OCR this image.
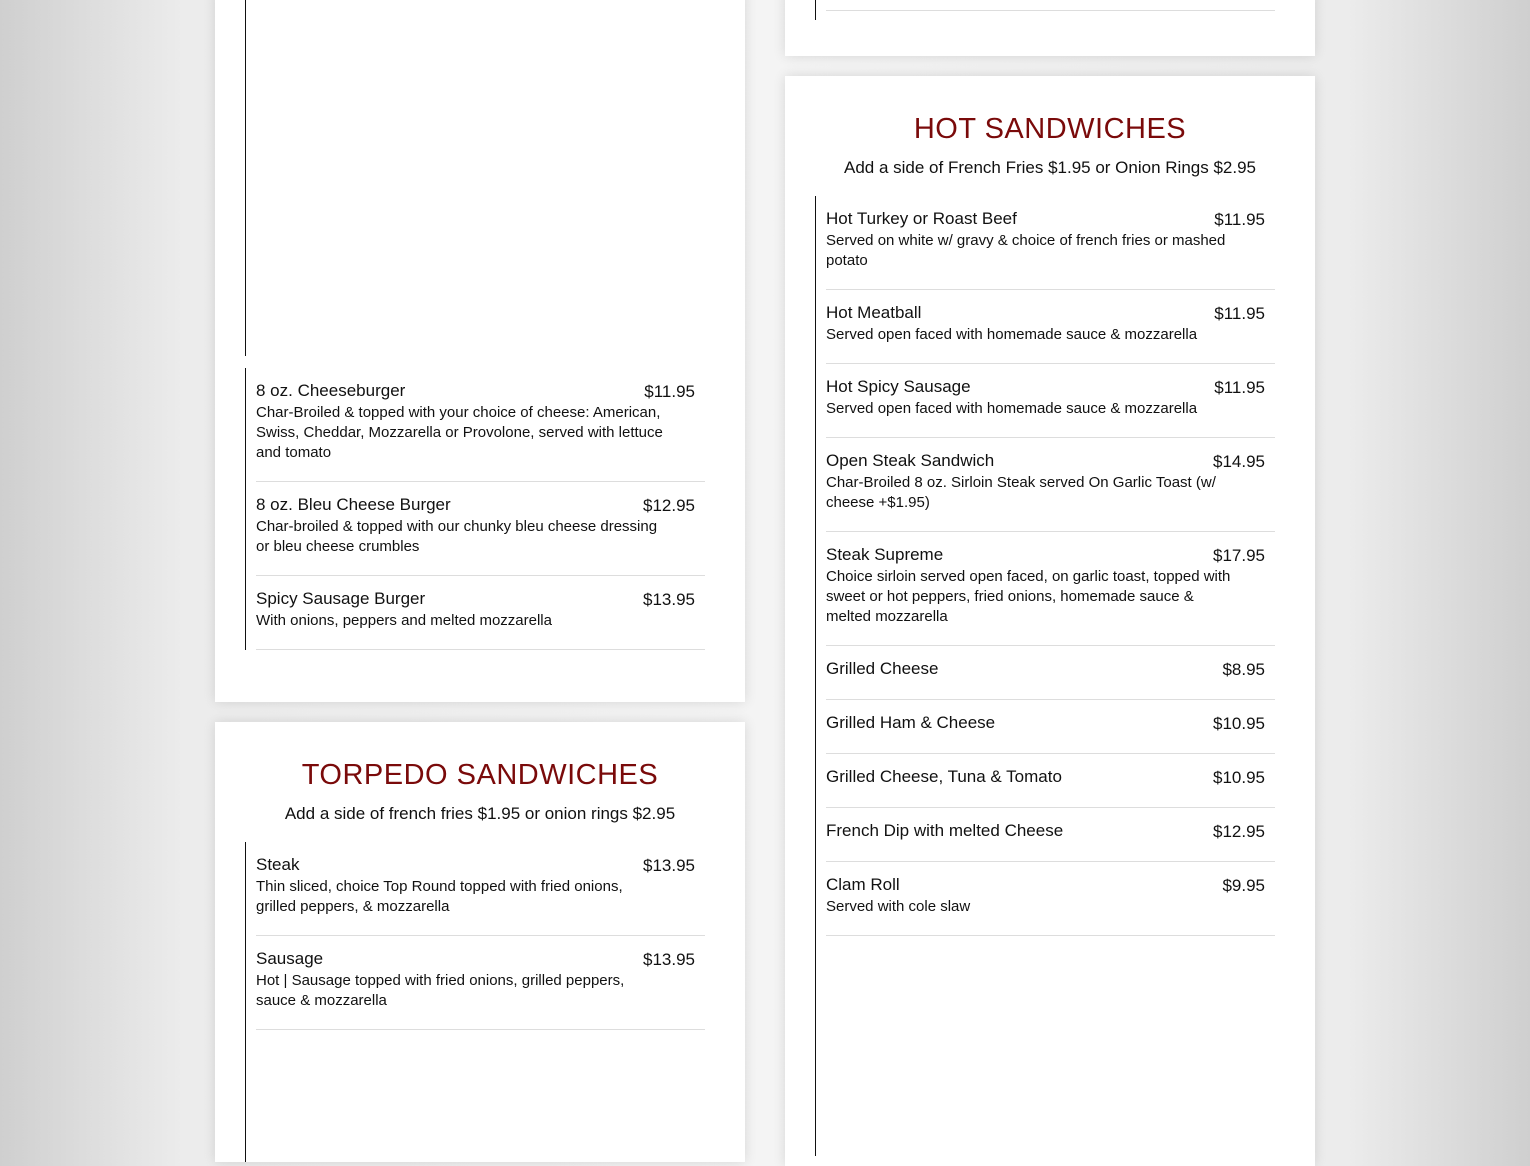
8 oz. Cheeseburger	$11.95
Char-Broiled & topped with your choice of cheese: American, Swiss, Cheddar, Mozzarella or Provolone, served with lettuce and tomato
8 oz. Bleu Cheese Burger	$12.95
Char-broiled & topped with our chunky bleu cheese dressing or bleu cheese crumbles
Spicy Sausage Burger	$13.95
With onions, peppers and melted mozzarella
TORPEDO SANDWICHES
Add a side of french fries $1.95 or onion rings $2.95
Steak	$13.95
Thin sliced, choice Top Round topped with fried onions, grilled peppers, & mozzarella
Sausage	$13.95
Hot | Sausage topped with fried onions, grilled peppers, sauce & mozzarella
HOT SANDWICHES
Add a side of French Fries $1.95 or Onion Rings $2.95
Hot Turkey or Roast Beef	$11.95
Served on white w/ gravy & choice of french fries or mashed potato
Hot Meatball	$11.95
Served open faced with homemade sauce & mozzarella
Hot Spicy Sausage	$11.95
Served open faced with homemade sauce & mozzarella
Open Steak Sandwich	$14.95
Char-Broiled 8 oz. Sirloin Steak served On Garlic Toast (w/ cheese +$1.95)
Steak Supreme	$17.95
Choice sirloin served open faced, on garlic toast, topped with sweet or hot peppers, fried onions, homemade sauce & melted mozzarella
Grilled Cheese	$8.95
Grilled Ham & Cheese	$10.95
Grilled Cheese, Tuna & Tomato	$10.95
French Dip with melted Cheese	$12.95
Clam Roll	$9.95
Served with cole slaw
